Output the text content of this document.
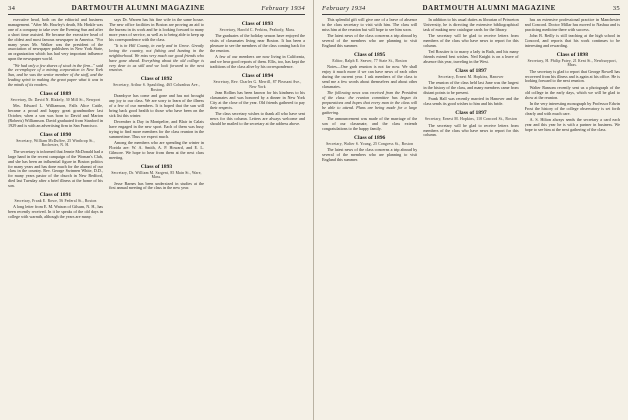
34	DARTMOUTH ALUMNI MAGAZINE	February 1934

executive head, both on the editorial and business management. "After Mr. Hawley's death, Mr. Hinkle was one of a company to take over the Evening Sun and after a short time assisted. He became the executive head of the oldest and most famous newspaper in America. "For many years Mr. Walker was the president of the association of newspaper publishers in New York State, an organization which has had very important influence upon the newspaper world.

"We had only a few shares of stock in the firm..." said the ex-employee of a mining corporation in New York Sun, and he was the senior member of the staff, and the leading spirit in making the great paper what it was in the minds of its readers.

Class of 1889
Secretary, Dr. David N. Blakely, 30 Mill St., Newport

Mrs. Edward L. Williamson, Falls Alice Cattle, became a proud and happy great grandmother last October, when a son was born to David and Marion (Roberts) Williamson. David graduated from Stanford in 1929 and is with an advertising firm in San Francisco.

Class of 1890
Secretary, William McDuffee, 25 Winthrop St., Rochester, N. H.

The secretary is informed that Jennie McDonald had a large hand in the recent campaign of the Woman's Club, and she has been an influential figure in Boston politics for many years and has done much for the alumni of our class in the country. Rev. George Swinnen White, D.D., for many years pastor of the church in New Bedford, died last Tuesday after a brief illness at the home of his son.

Class of 1891
Secretary, Frank E. Rowe, 56 Federal St., Boston

A long letter from E. M. Watson of Gilsum, N. H., has been recently received. In it he speaks of the old days in college with warmth, although the years are many.

says Dr. Warren has his fine wife in the same house. The new office facilities in Boston are proving an aid to the bureau in its work and he is looking forward to many more years of service, as well as to being able to keep up his correspondence with the class.

"It is in Hill County, in early and in Grove. Greatly loving the country, not fishing and hunting in the neighborhood. We miss very much our good friends who have gone ahead. Everything about the old college is very dear to us still and we look forward to the next reunion.

Class of 1892
Secretary, Arthur S. Spaulding, 465 Columbus Ave., Boston

Drambyce has come and gone and has not brought any joy to our class. We are sorry to learn of the illness of a few of our members. It is hoped that the sun will bring back good health to those who have been on the sick list this winter.

December is Day in Montpelier, and Blair in Calais have engaged in the new sport. Each of them was busy trying to find more members for the class reunion in the summertime. Thus we expect much.

Among the members who are spending the winter in Florida are: W. A. Smith, A. P. Howard, and E. L. Gilmore. We hope to hear from them at the next class meeting.

Class of 1893
Secretary, Dr. William M. Sargent, 85 Main St., Ware, Mass.

Jesse Barnes has been undersized in studies at the first annual meeting of the class in the new year.

Class of 1893
Secretary, Harold C. Perkins, Peabody, Mass.

The graduates of the holiday season have enjoyed the visits of classmates living near Boston. It has been a pleasure to see the members of the class coming back for the reunion.

A few of our members are now living in California, and we hear good reports of them. Ellis, too, has kept the traditions of the class alive by his correspondence.

Class of 1894
Secretary, Rev. Charles G. Merrill, 87 Pleasant Ave., New York

Jean Rollins has been known for his kindness to his classmates and was honored by a dinner in New York City at the close of the year. Old friends gathered to pay their respects.

The class secretary wishes to thank all who have sent news for this column. Letters are always welcome and should be mailed to the secretary at the address above.

February 1934	DARTMOUTH ALUMNI MAGAZINE	35

This splendid gift will give one of a leave of absence to the class secretary to visit with him. The class will miss him at the reunion but will hope to see him soon.

The latest news of the class concerns a trip abroad by several of the members who are planning to visit England this summer.

Class of 1895
Editor, Ralph E. Seaver, 77 State St., Boston

Notes—One garb reunion is not far now. We shall enjoy it much more if we can have news of each other during the current year. I ask members of the class to send me a few words about themselves and about other classmates.

The following news was received from the President of the class: the reunion committee has begun its preparations and hopes that every man in the class will be able to attend. Plans are being made for a large gathering.

The announcement was made of the marriage of the son of our classmate, and the class extends congratulations to the happy family.

Class of 1896
Secretary, Walter S. Young, 25 Congress St., Boston

The latest news of the class concerns a trip abroad by several of the members who are planning to visit England this summer.

In addition to his usual duties as librarian of Princeton University, he is directing the extensive bibliographical task of making new catalogue cards for the library.

The secretary will be glad to receive letters from members of the class who have news to report for this column.

Ted Rossiter is to marry a lady in Bath, and his many friends extend best wishes. Ned Knight is on a leave of absence this year, traveling in the West.

Class of 1897
Secretary, Ernest M. Hopkins, Hanover

The reunion of the class held last June was the largest in the history of the class, and many members came from distant points to be present.

Frank Hall was recently married in Hanover and the class sends its good wishes to him and his bride.

Class of 1897
Secretary, Ernest M. Hopkins, 110 Concord St., Boston

The secretary will be glad to receive letters from members of the class who have news to report for this column.

has an extensive professional practice in Manchester and Concord. Doctor Millar has moved to Nashua and is practicing medicine there with success.

John B. Reilly is still teaching at the high school in Concord, and reports that his work continues to be interesting and rewarding.

Class of 1898
Secretary, H. Philip Patey, 21 Kent St., Newburyport, Mass.

The secretary is glad to report that George Rowell has recovered from his illness and is again at his office. He is looking forward to the next reunion.

Walter Ransom recently sent us a photograph of the old college in the early days, which we will be glad to show at the reunion.

In the very interesting monograph by Professor Edwin Frost the history of the college observatory is set forth clearly and with much care.

A. S. Hilton always sends the secretary a card each year and this year he is with a partner in business. We hope to see him at the next gathering of the class.
